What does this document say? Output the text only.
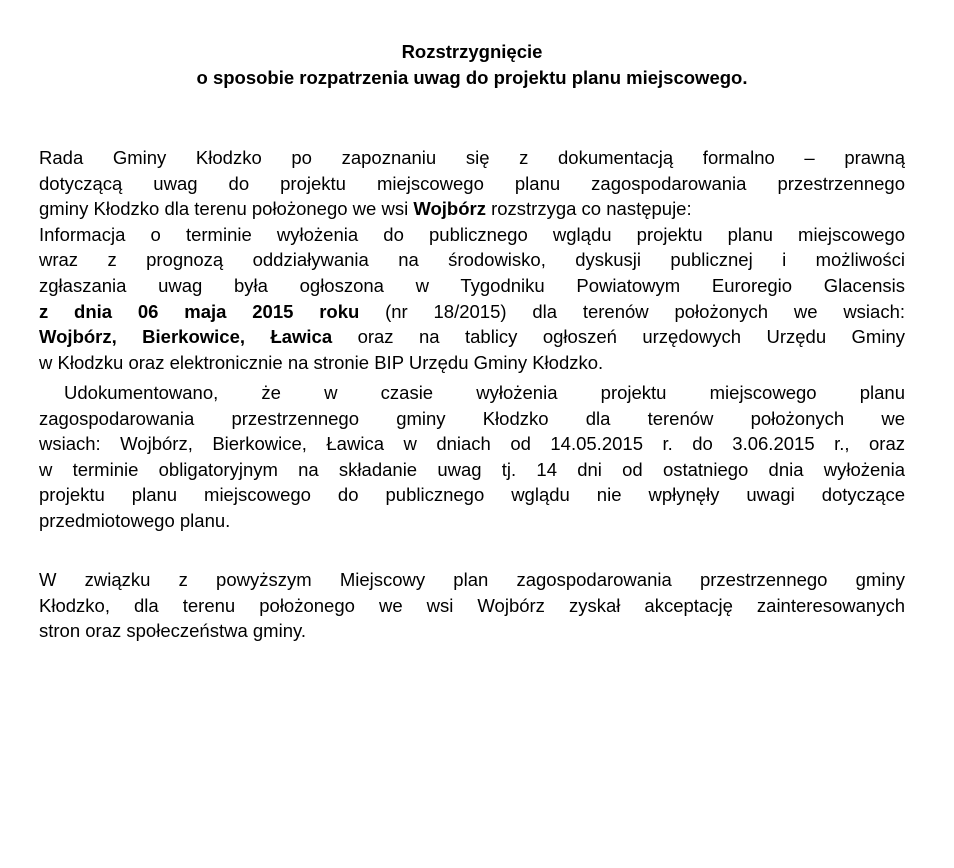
Rozstrzygnięcie
o sposobie rozpatrzenia uwag do projektu planu miejscowego.
Rada Gminy Kłodzko po zapoznaniu się z dokumentacją formalno – prawną
dotyczącą uwag do projektu miejscowego planu zagospodarowania przestrzennego
gminy Kłodzko dla terenu położonego we wsi Wojbórz rozstrzyga co następuje:
Informacja o terminie wyłożenia do publicznego wglądu projektu planu miejscowego
wraz z prognozą oddziaływania na środowisko, dyskusji publicznej i możliwości
zgłaszania uwag była ogłoszona w Tygodniku Powiatowym Euroregio Glacensis
z dnia 06 maja 2015 roku (nr 18/2015) dla terenów położonych we wsiach:
Wojbórz, Bierkowice, Ławica oraz na tablicy ogłoszeń urzędowych Urzędu Gminy
w Kłodzku oraz elektronicznie na stronie BIP Urzędu Gminy Kłodzko.
Udokumentowano, że w czasie wyłożenia projektu miejscowego planu
zagospodarowania przestrzennego gminy Kłodzko dla terenów położonych we
wsiach: Wojbórz, Bierkowice, Ławica w dniach od 14.05.2015 r. do 3.06.2015 r., oraz
w terminie obligatoryjnym na składanie uwag tj. 14 dni od ostatniego dnia wyłożenia
projektu planu miejscowego do publicznego wglądu nie wpłynęły uwagi dotyczące
przedmiotowego planu.
W związku z powyższym Miejscowy plan zagospodarowania przestrzennego gminy
Kłodzko, dla terenu położonego we wsi Wojbórz zyskał akceptację zainteresowanych
stron oraz społeczeństwa gminy.
